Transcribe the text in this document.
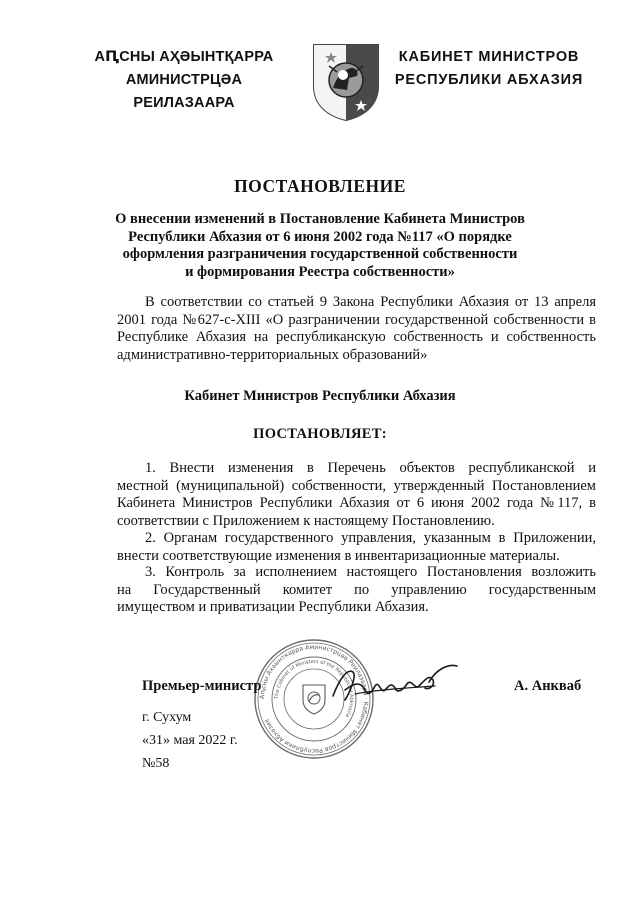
АԤСНЫ АҲӘЫНТҚАРРА
АМИНИСТРЦӘА РЕИЛАЗААРА
КАБИНЕТ МИНИСТРОВ
РЕСПУБЛИКИ АБХАЗИЯ
ПОСТАНОВЛЕНИЕ
О внесении изменений в Постановление Кабинета Министров
Республики Абхазия от 6 июня 2002 года №117 «О порядке
оформления разграничения государственной собственности
и формирования Реестра собственности»
В соответствии со статьей 9 Закона Республики Абхазия от 13 апреля
2001 года №627-с-XIII «О разграничении государственной собственности в
Республике Абхазия на республиканскую собственность и собственность
административно-территориальных образований»
Кабинет Министров Республики Абхазия
ПОСТАНОВЛЯЕТ:
1. Внести изменения в Перечень объектов республиканской и
местной (муниципальной) собственности, утвержденный Постановлением
Кабинета Министров Республики Абхазия от 6 июня 2002 года №117, в
соответствии с Приложением к настоящему Постановлению.
2. Органам государственного управления, указанным в Приложении,
внести соответствующие изменения в инвентаризационные материалы.
3. Контроль за исполнением настоящего Постановления возложить
на Государственный комитет по управлению государственным
имуществом и приватизации Республики Абхазия.
Аҧсны Ахәынткарра Аминистрцәа Реилазаара · Кабинет Министров Республики Абхазия
The Cabinet of Ministers of the Republic of Abkhazia
Премьер-министр	А. Анкваб
г. Сухум
«31» мая 2022 г.
№58
